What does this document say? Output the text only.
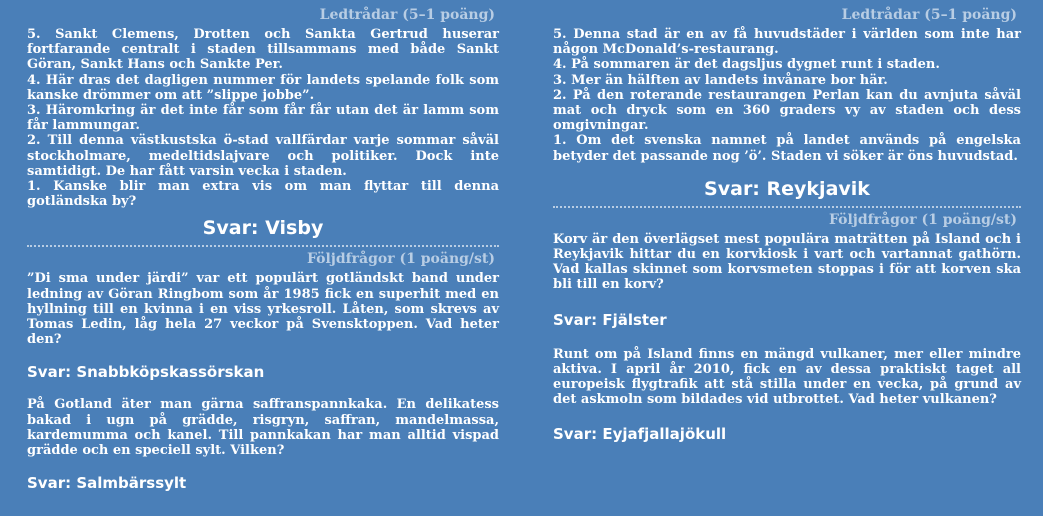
Ledtrådar (5–1 poäng)

5. Sankt Clemens, Drotten och Sankta Gertrud huserar fortfarande centralt i staden tillsammans med både Sankt Göran, Sankt Hans och Sankte Per.

4. Här dras det dagligen nummer för landets spelande folk som kanske drömmer om att ”slippe jobbe”.

3. Häromkring är det inte får som får får utan det är lamm som får lammungar.

2. Till denna västkustska ö-stad vallfärdar varje sommar såväl stockholmare, medeltidslajvare och politiker. Dock inte samtidigt. De har fått varsin vecka i staden.

1. Kanske blir man extra vis om man flyttar till denna gotländska by?

Svar: Visby
Följdfrågor (1 poäng/st)

”Di sma under järdi” var ett populärt gotländskt band under ledning av Göran Ringbom som år 1985 fick en superhit med en hyllning till en kvinna i en viss yrkesroll. Låten, som skrevs av Tomas Ledin, låg hela 27 veckor på Svensktoppen. Vad heter den?

Svar: Snabbköpskassörskan

På Gotland äter man gärna saffranspannkaka. En delikatess bakad i ugn på grädde, risgryn, saffran, mandelmassa, kardemumma och kanel. Till pannkakan har man alltid vispad grädde och en speciell sylt. Vilken?

Svar: Salmbärssylt

Ledtrådar (5–1 poäng)

5. Denna stad är en av få huvudstäder i världen som inte har någon McDonald’s-restaurang.

4. På sommaren är det dagsljus dygnet runt i staden.

3. Mer än hälften av landets invånare bor här.

2. På den roterande restaurangen Perlan kan du avnjuta såväl mat och dryck som en 360 graders vy av staden och dess omgivningar.

1. Om det svenska namnet på landet används på engelska betyder det passande nog ’ö’. Staden vi söker är öns huvudstad.

Svar: Reykjavik
Följdfrågor (1 poäng/st)

Korv är den överlägset mest populära maträtten på Island och i Reykjavik hittar du en korvkiosk i vart och vartannat gathörn. Vad kallas skinnet som korvsmeten stoppas i för att korven ska bli till en korv?

Svar: Fjälster

Runt om på Island finns en mängd vulkaner, mer eller mindre aktiva. I april år 2010, fick en av dessa praktiskt taget all europeisk flygtrafik att stå stilla under en vecka, på grund av det askmoln som bildades vid utbrottet. Vad heter vulkanen?

Svar: Eyjafjallajökull
